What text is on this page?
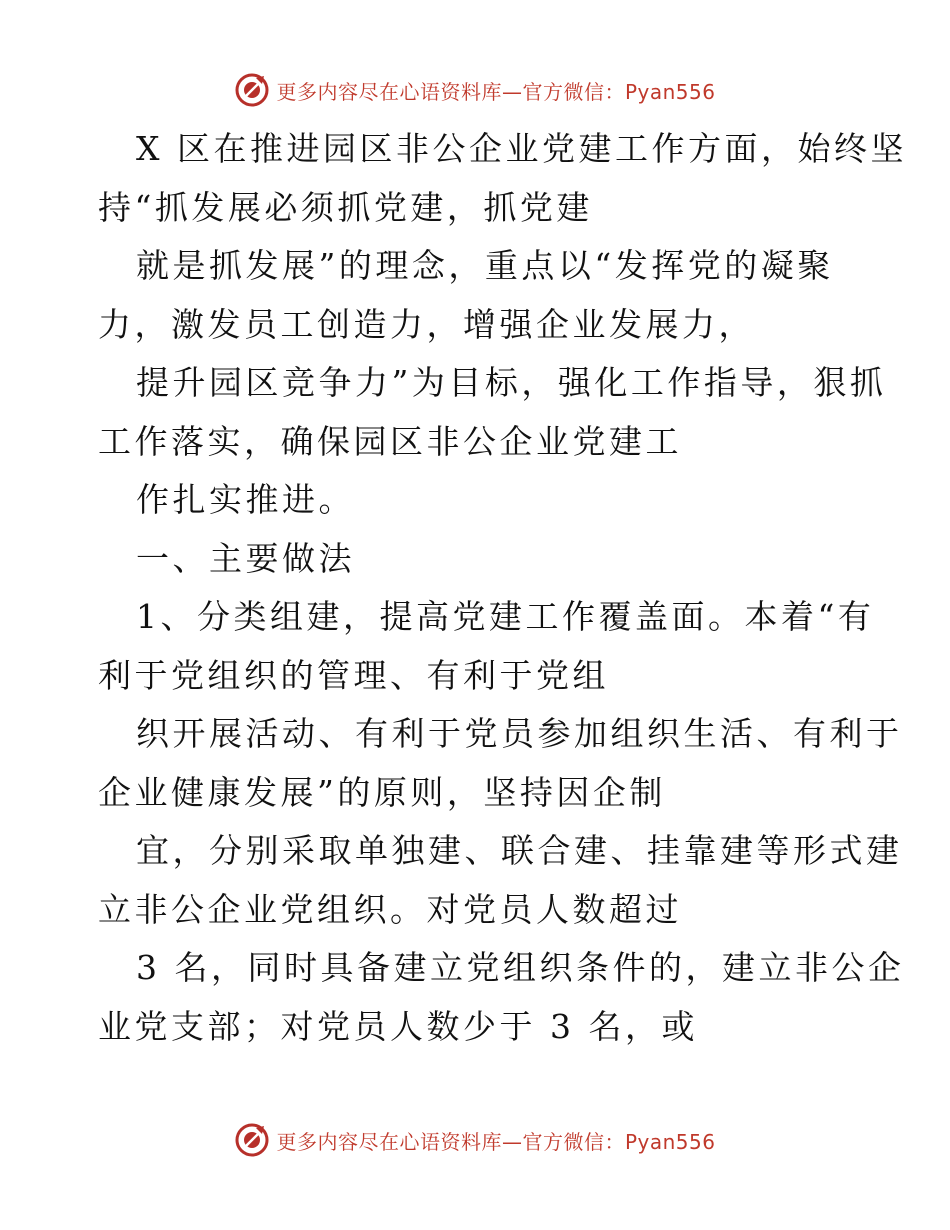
更多内容尽在心语资料库—官方微信：Pyan556
X 区在推进园区非公企业党建工作方面，始终坚
持“抓发展必须抓党建，抓党建
就是抓发展”的理念，重点以“发挥党的凝聚
力，激发员工创造力，增强企业发展力，
提升园区竞争力”为目标，强化工作指导，狠抓
工作落实，确保园区非公企业党建工
作扎实推进。
一、主要做法
1、分类组建，提高党建工作覆盖面。本着“有
利于党组织的管理、有利于党组
织开展活动、有利于党员参加组织生活、有利于
企业健康发展”的原则，坚持因企制
宜，分别采取单独建、联合建、挂靠建等形式建
立非公企业党组织。对党员人数超过
3 名，同时具备建立党组织条件的，建立非公企
业党支部；对党员人数少于 3 名，或
更多内容尽在心语资料库—官方微信：Pyan556
